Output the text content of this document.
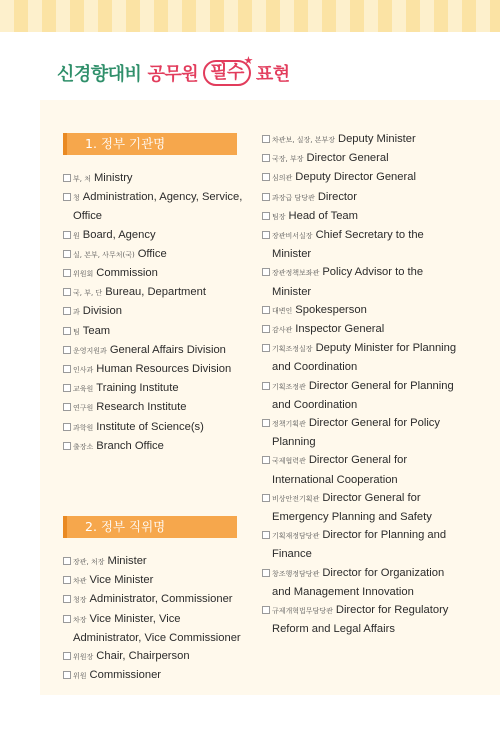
신경향대비 공무원 필수
★
표현
1. 정부 기관명
부, 처 Ministry
청 Administration, Agency, Service, Office
원 Board, Agency
실, 본부, 사무처(국) Office
위원회 Commission
국, 부, 단 Bureau, Department
과 Division
팀 Team
운영지원과 General Affairs Division
인사과 Human Resources Division
교육원 Training Institute
연구원 Research Institute
과학원 Institute of Science(s)
출장소 Branch Office
2. 정부 직위명
장관, 처장 Minister
차관 Vice Minister
청장 Administrator, Commissioner
차장 Vice Minister, Vice Administrator, Vice Commissioner
위원장 Chair, Chairperson
위원 Commissioner
차관보, 실장, 본부장 Deputy Minister
국장, 부장 Director General
심의관 Deputy Director General
과장급 담당관 Director
팀장 Head of Team
장관비서실장 Chief Secretary to the Minister
장관정책보좌관 Policy Advisor to the Minister
대변인 Spokesperson
감사관 Inspector General
기획조정실장 Deputy Minister for Planning and Coordination
기획조정관 Director General for Planning and Coordination
정책기획관 Director General for Policy Planning
국제협력관 Director General for International Cooperation
비상안전기획관 Director General for Emergency Planning and Safety
기획재정담당관 Director for Planning and Finance
창조행정담당관 Director for Organization and Management Innovation
규제개혁법무담당관 Director for Regulatory Reform and Legal Affairs
